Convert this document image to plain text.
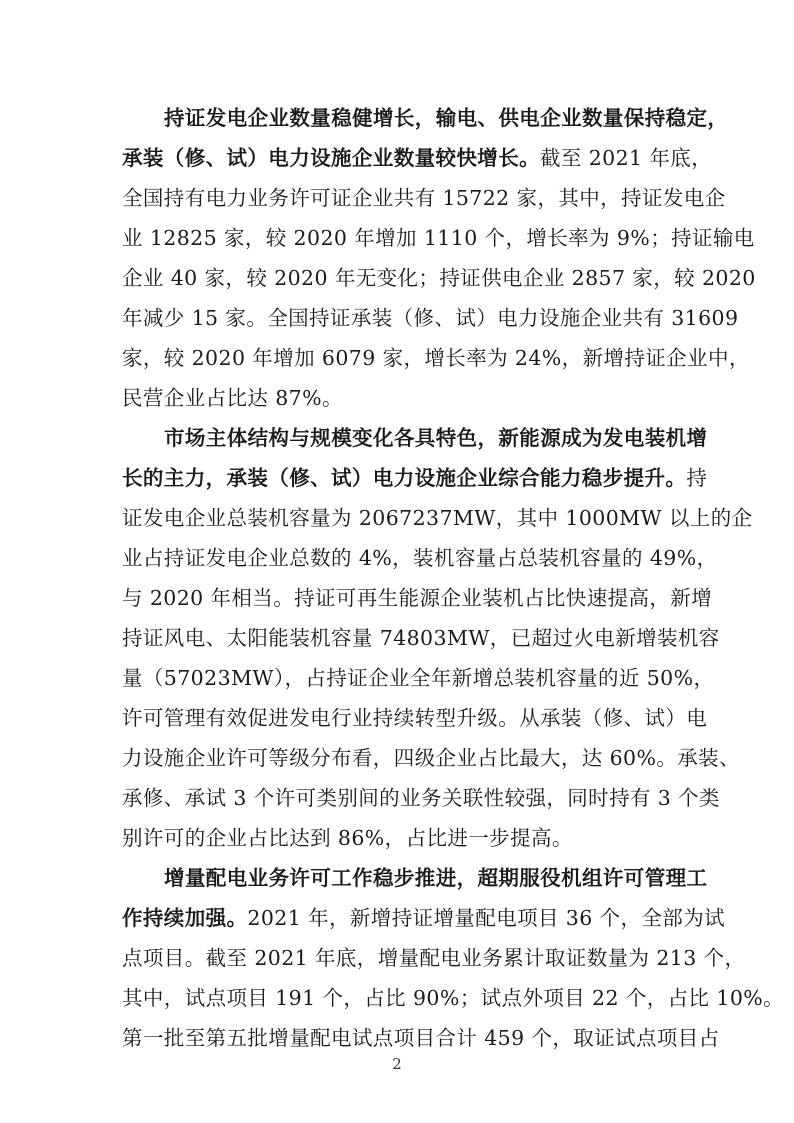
持证发电企业数量稳健增长，输电、供电企业数量保持稳定，
承装（修、试）电力设施企业数量较快增长。截至 2021 年底，
全国持有电力业务许可证企业共有 15722 家，其中，持证发电企
业 12825 家，较 2020 年增加 1110 个，增长率为 9%；持证输电
企业 40 家，较 2020 年无变化；持证供电企业 2857 家，较 2020
年减少 15 家。全国持证承装（修、试）电力设施企业共有 31609
家，较 2020 年增加 6079 家，增长率为 24%，新增持证企业中，
民营企业占比达 87%。
市场主体结构与规模变化各具特色，新能源成为发电装机增
长的主力，承装（修、试）电力设施企业综合能力稳步提升。持
证发电企业总装机容量为 2067237MW，其中 1000MW 以上的企
业占持证发电企业总数的 4%，装机容量占总装机容量的 49%，
与 2020 年相当。持证可再生能源企业装机占比快速提高，新增
持证风电、太阳能装机容量 74803MW，已超过火电新增装机容
量（57023MW），占持证企业全年新增总装机容量的近 50%，
许可管理有效促进发电行业持续转型升级。从承装（修、试）电
力设施企业许可等级分布看，四级企业占比最大，达 60%。承装、
承修、承试 3 个许可类别间的业务关联性较强，同时持有 3 个类
别许可的企业占比达到 86%，占比进一步提高。
增量配电业务许可工作稳步推进，超期服役机组许可管理工
作持续加强。2021 年，新增持证增量配电项目 36 个，全部为试
点项目。截至 2021 年底，增量配电业务累计取证数量为 213 个，
其中，试点项目 191 个，占比 90%；试点外项目 22 个，占比 10%。
第一批至第五批增量配电试点项目合计 459 个，取证试点项目占
2
